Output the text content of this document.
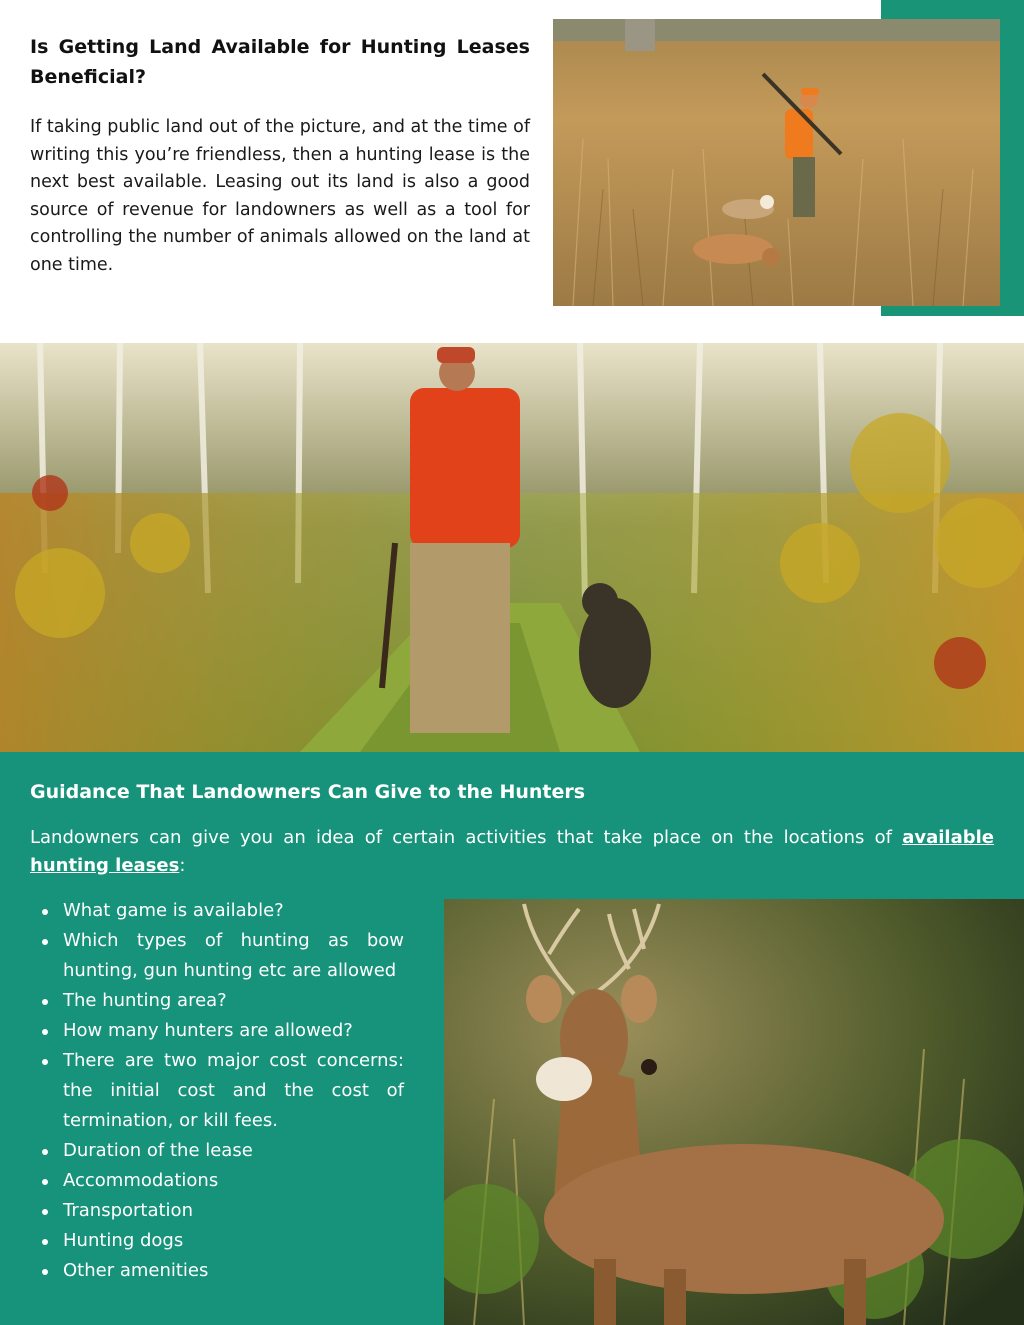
Is Getting Land Available for Hunting Leases Beneficial?
If taking public land out of the picture, and at the time of writing this you’re friendless, then a hunting lease is the next best available. Leasing out its land is also a good source of revenue for landowners as well as a tool for controlling the number of animals allowed on the land at one time.
Guidance That Landowners Can Give to the Hunters
Landowners can give you an idea of certain activities that take place on the locations of available hunting leases:
What game is available?
Which types of hunting as bow hunting, gun hunting etc are allowed
The hunting area?
How many hunters are allowed?
There are two major cost concerns: the initial cost and the cost of termination, or kill fees.
Duration of the lease
Accommodations
Transportation
Hunting dogs
Other amenities
